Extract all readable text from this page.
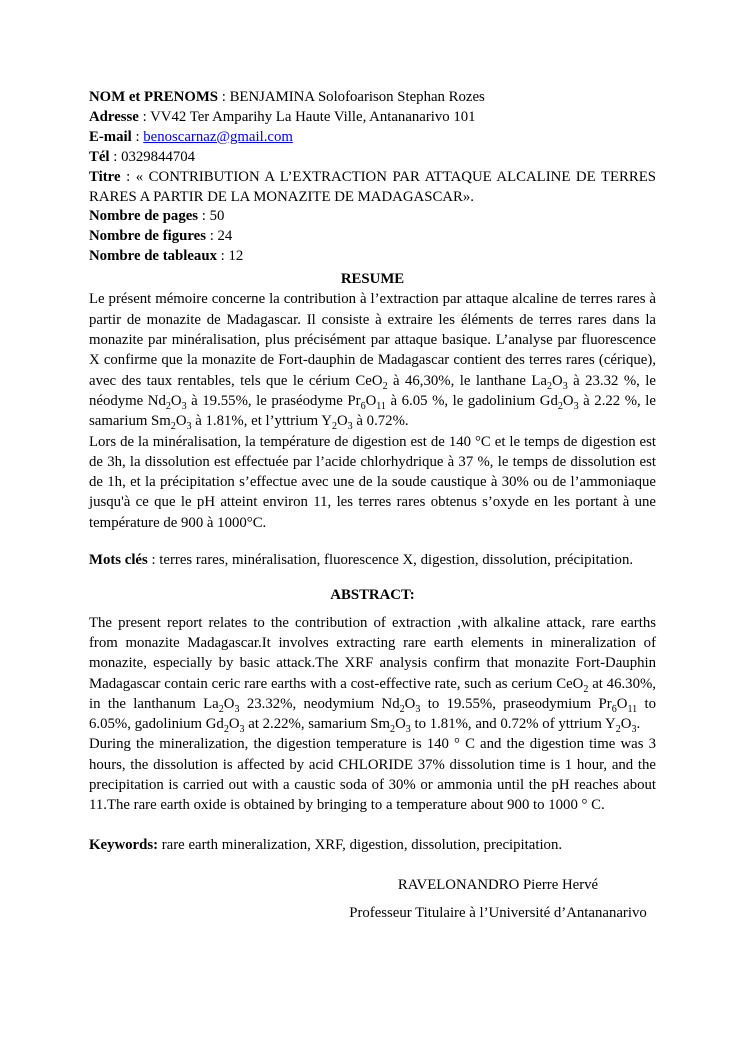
NOM et PRENOMS : BENJAMINA Solofoarison Stephan Rozes
Adresse : VV42 Ter Amparihy La Haute Ville, Antananarivo 101
E-mail : benoscarnaz@gmail.com
Tél : 0329844704
Titre : « CONTRIBUTION A L’EXTRACTION PAR ATTAQUE ALCALINE DE TERRES RARES A PARTIR DE LA MONAZITE DE MADAGASCAR».
Nombre de pages : 50
Nombre de figures : 24
Nombre de tableaux : 12
RESUME

Le présent mémoire concerne la contribution à l’extraction par attaque alcaline de terres rares à partir de monazite de Madagascar. Il consiste à extraire les éléments de terres rares dans la monazite par minéralisation, plus précisément par attaque basique. L’analyse par fluorescence X confirme que la monazite de Fort-dauphin de Madagascar contient des terres rares (cérique), avec des taux rentables, tels que le cérium CeO$_2$ à 46,30%, le lanthane $La_2O_3$ à 23.32 %, le néodyme $Nd_2O_3$ à 19.55%, le praséodyme $Pr_6O_{11}$ à 6.05 %, le gadolinium $Gd_2O_3$ à 2.22 %, le samarium $Sm_2O_3$ à 1.81%, et l’yttrium $Y_2O_3$ à 0.72%.

Lors de la minéralisation, la température de digestion est de 140 °C et le temps de digestion est de 3h, la dissolution est effectuée par l’acide chlorhydrique à 37 %, le temps de dissolution est de 1h, et la précipitation s’effectue avec une de la soude caustique à 30% ou de l’ammoniaque jusqu'à ce que le pH atteint environ 11, les terres rares obtenus s’oxyde en les portant à une température de 900 à 1000°C.

Mots clés : terres rares, minéralisation, fluorescence X, digestion, dissolution, précipitation.
ABSTRACT:

The present report relates to the contribution of extraction ,with alkaline attack, rare earths from monazite Madagascar.It involves extracting rare earth elements in mineralization of monazite, especially by basic attack.The XRF analysis confirm that monazite Fort-Dauphin Madagascar contain ceric rare earths with a cost-effective rate, such as cerium CeO$_2$ at 46.30%, in the lanthanum $La_2O_3$ 23.32%, neodymium $Nd_2O_3$ to 19.55%, praseodymium $Pr_6O_{11}$ to 6.05%, gadolinium $Gd_2O_3$ at 2.22%, samarium $Sm_2O_3$ to 1.81%, and 0.72% of yttrium $Y_2O_3$.

During the mineralization, the digestion temperature is 140 ° C and the digestion time was 3 hours, the dissolution is affected by acid CHLORIDE 37% dissolution time is 1 hour, and the precipitation is carried out with a caustic soda of 30% or ammonia until the pH reaches about 11.The rare earth oxide is obtained by bringing to a temperature about 900 to 1000 ° C.

Keywords: rare earth mineralization, XRF, digestion, dissolution, precipitation.
RAVELONANDRO Pierre Hervé
Professeur Titulaire à l’Université d’Antananarivo
